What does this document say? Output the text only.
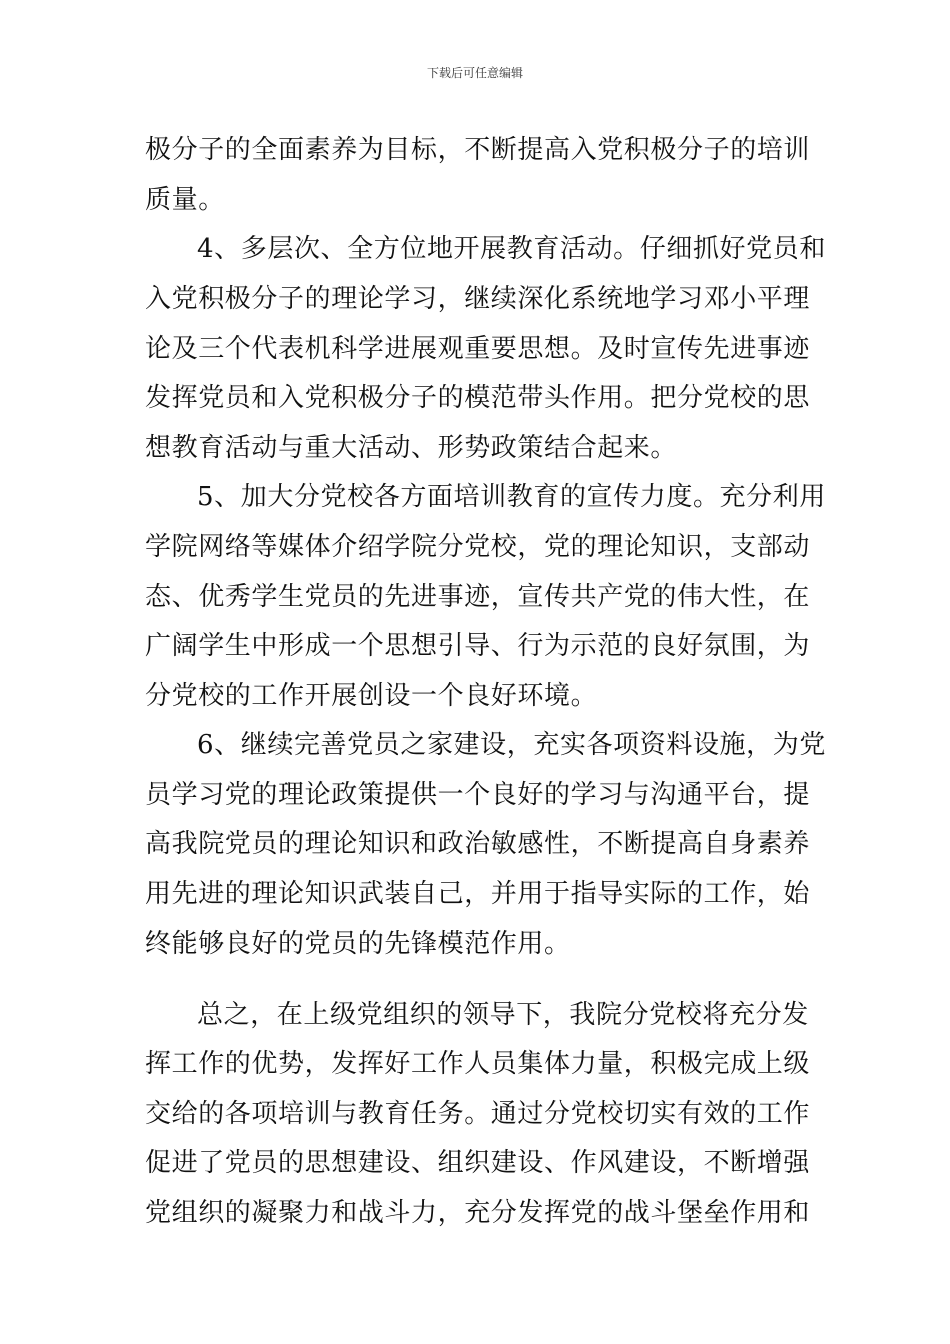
下载后可任意编辑
极分子的全面素养为目标，不断提高入党积极分子的培训
质量。
4、多层次、全方位地开展教育活动。仔细抓好党员和
入党积极分子的理论学习，继续深化系统地学习邓小平理
论及三个代表机科学进展观重要思想。及时宣传先进事迹
发挥党员和入党积极分子的模范带头作用。把分党校的思
想教育活动与重大活动、形势政策结合起来。
5、加大分党校各方面培训教育的宣传力度。充分利用
学院网络等媒体介绍学院分党校，党的理论知识，支部动
态、优秀学生党员的先进事迹，宣传共产党的伟大性，在
广阔学生中形成一个思想引导、行为示范的良好氛围，为
分党校的工作开展创设一个良好环境。
6、继续完善党员之家建设，充实各项资料设施，为党
员学习党的理论政策提供一个良好的学习与沟通平台，提
高我院党员的理论知识和政治敏感性，不断提高自身素养
用先进的理论知识武装自己，并用于指导实际的工作，始
终能够良好的党员的先锋模范作用。
总之，在上级党组织的领导下，我院分党校将充分发
挥工作的优势，发挥好工作人员集体力量，积极完成上级
交给的各项培训与教育任务。通过分党校切实有效的工作
促进了党员的思想建设、组织建设、作风建设，不断增强
党组织的凝聚力和战斗力，充分发挥党的战斗堡垒作用和
